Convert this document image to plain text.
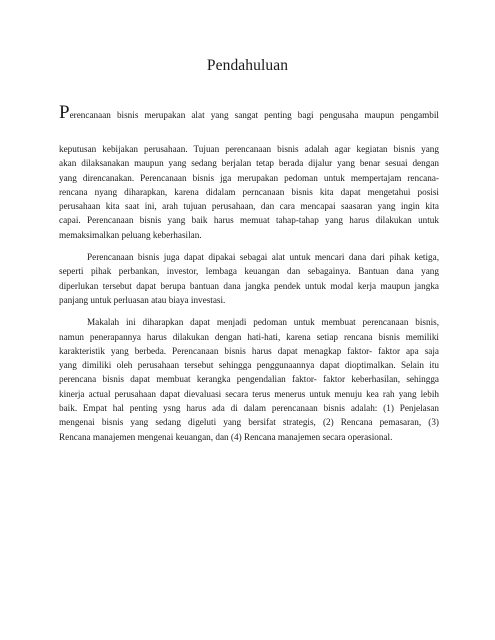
Pendahuluan
Perencanaan bisnis merupakan alat yang sangat penting bagi pengusaha maupun pengambil
keputusan kebijakan perusahaan. Tujuan perencanaan bisnis adalah agar kegiatan bisnis yang
akan dilaksanakan maupun yang sedang berjalan tetap berada dijalur yang benar sesuai dengan
yang direncanakan. Perencanaan bisnis jga merupakan pedoman untuk mempertajam rencana-
rencana nyang diharapkan, karena didalam perncanaan bisnis kita dapat mengetahui posisi
perusahaan kita saat ini, arah tujuan perusahaan, dan cara mencapai saasaran yang ingin kita
capai. Perencanaan bisnis yang baik harus memuat tahap-tahap yang harus dilakukan untuk
memaksimalkan peluang keberhasilan.
Perencanaan bisnis juga dapat dipakai sebagai alat untuk mencari dana dari pihak ketiga,
seperti pihak perbankan, investor, lembaga keuangan dan sebagainya. Bantuan dana yang
diperlukan tersebut dapat berupa bantuan dana jangka pendek untuk modal kerja maupun jangka
panjang untuk perluasan atau biaya investasi.
Makalah ini diharapkan dapat menjadi pedoman untuk membuat perencanaan bisnis,
namun penerapannya harus dilakukan dengan hati-hati, karena setiap rencana bisnis memiliki
karakteristik yang berbeda. Perencanaan bisnis harus dapat menagkap faktor- faktor apa saja
yang dimiliki oleh perusahaan tersebut sehingga penggunaannya dapat dioptimalkan. Selain itu
perencana bisnis dapat membuat kerangka pengendalian faktor- faktor keberhasilan, sehingga
kinerja actual perusahaan dapat dievaluasi secara terus menerus untuk menuju kea rah yang lebih
baik. Empat hal penting ysng harus ada di dalam perencanaan bisnis adalah: (1) Penjelasan
mengenai bisnis yang sedang digeluti yang bersifat strategis, (2) Rencana pemasaran, (3)
Rencana manajemen mengenai keuangan, dan (4) Rencana manajemen secara operasional.
